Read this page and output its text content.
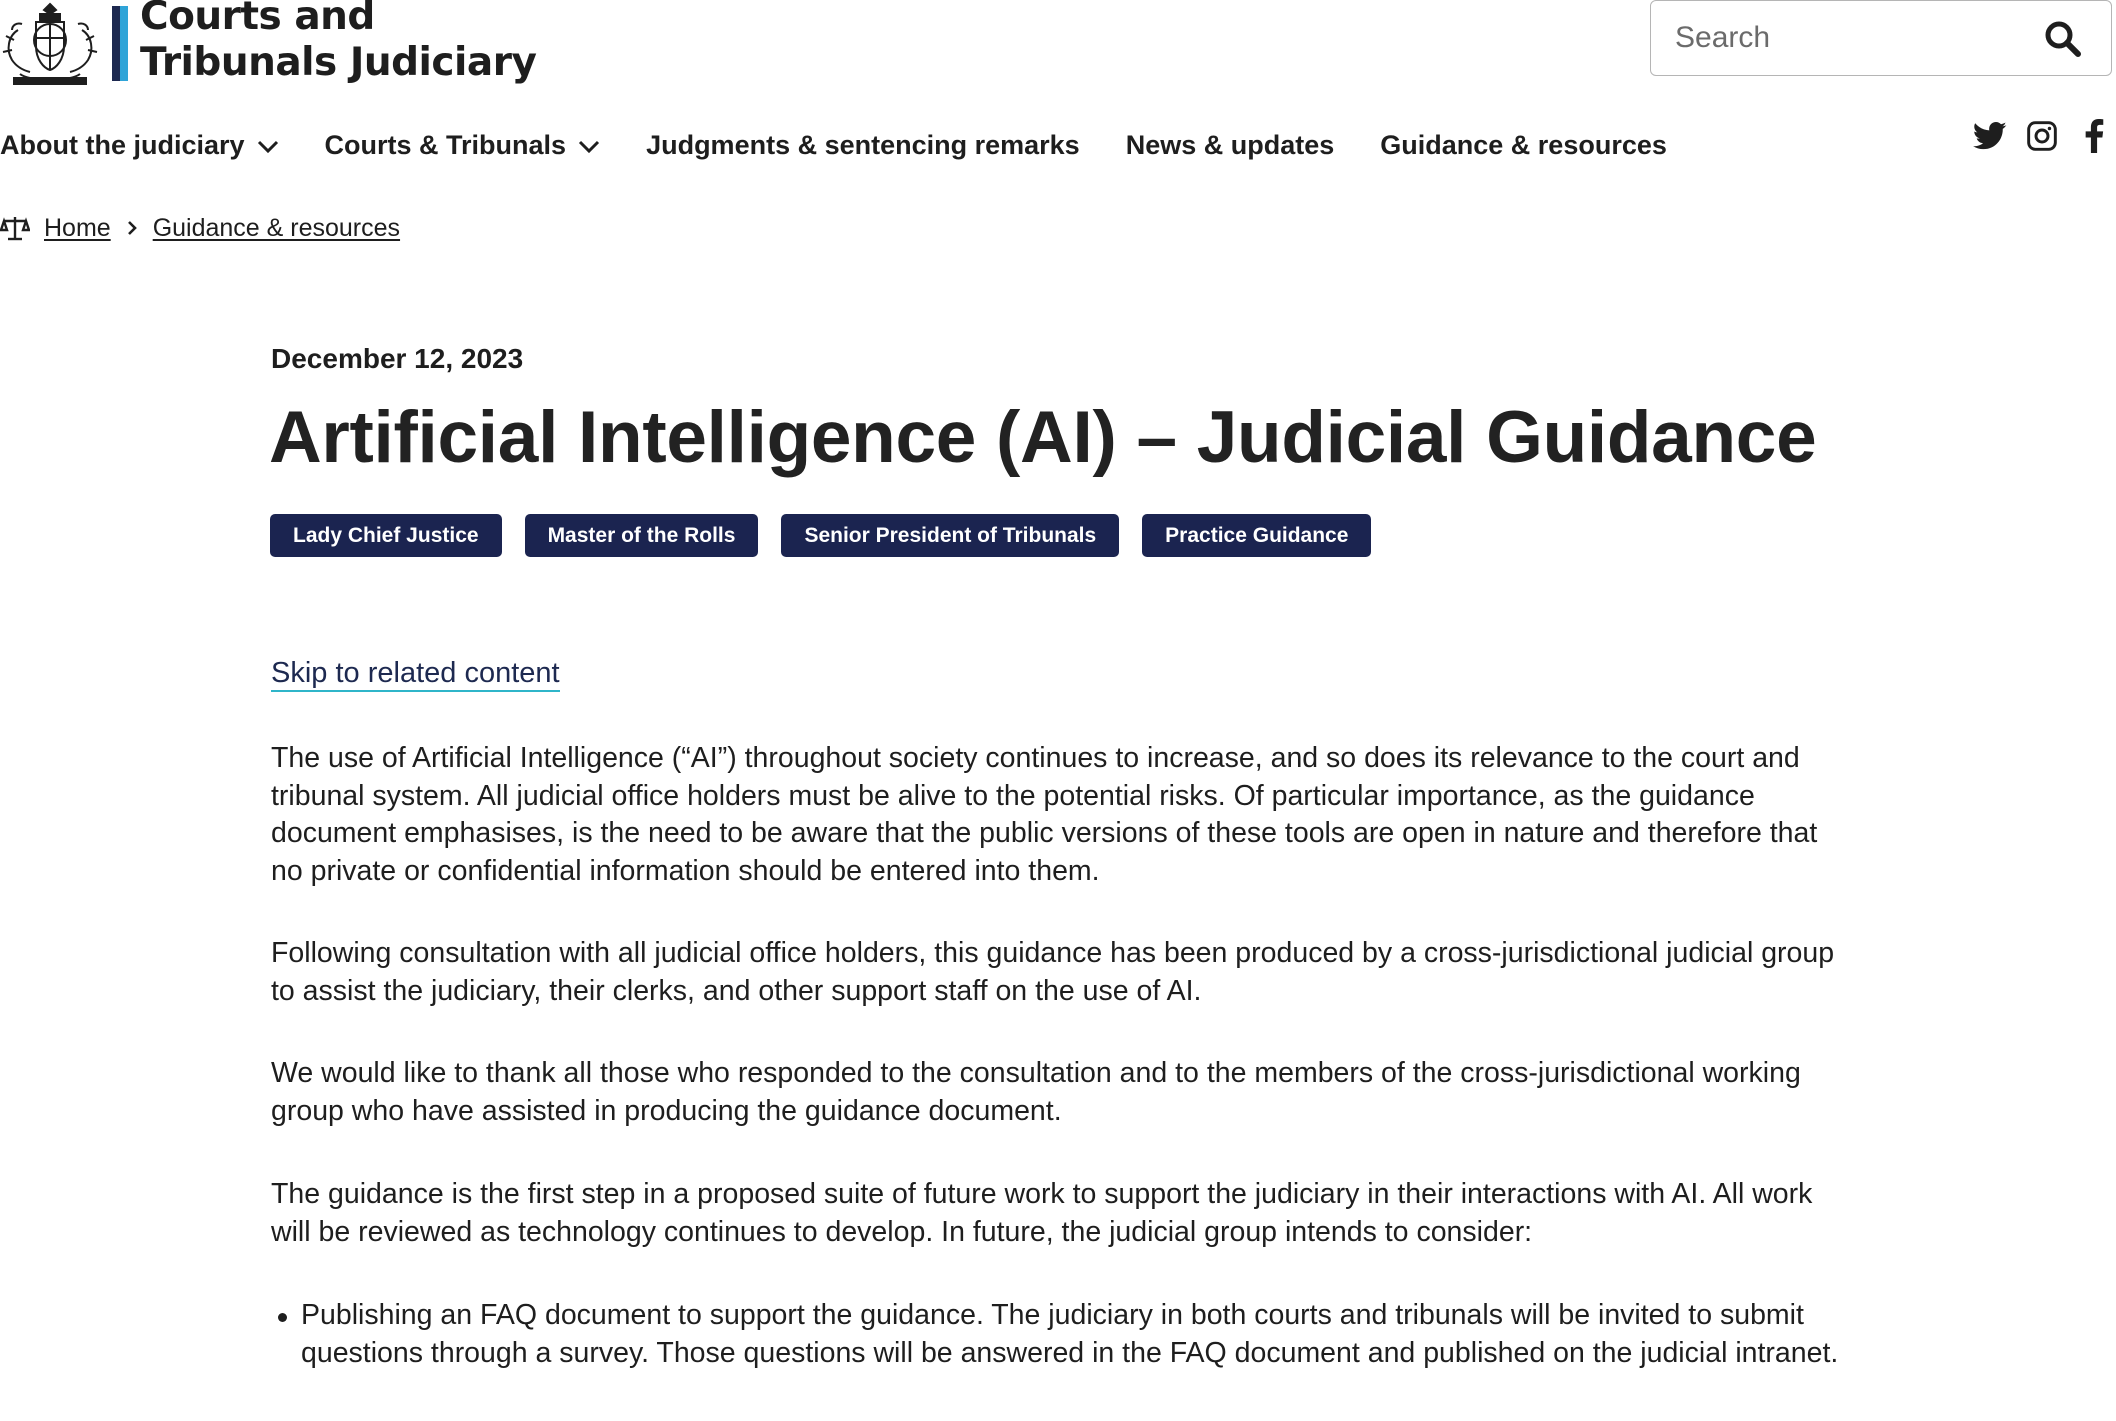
Courts and
Tribunals Judiciary
Search
About the judiciary	Courts & Tribunals	Judgments & sentencing remarks News & updates Guidance & resources
Home Guidance & resources
December 12, 2023
Artificial Intelligence (AI) – Judicial Guidance
Lady Chief Justice	Master of the Rolls	Senior President of Tribunals	Practice Guidance
Skip to related content

The use of Artificial Intelligence (“AI”) throughout society continues to increase, and so does its relevance to the court and tribunal system. All judicial office holders must be alive to the potential risks. Of particular importance, as the guidance document emphasises, is the need to be aware that the public versions of these tools are open in nature and therefore that no private or confidential information should be entered into them.

Following consultation with all judicial office holders, this guidance has been produced by a cross-jurisdictional judicial group to assist the judiciary, their clerks, and other support staff on the use of AI.

We would like to thank all those who responded to the consultation and to the members of the cross-jurisdictional working group who have assisted in producing the guidance document.

The guidance is the first step in a proposed suite of future work to support the judiciary in their interactions with AI. All work will be reviewed as technology continues to develop. In future, the judicial group intends to consider:

Publishing an FAQ document to support the guidance. The judiciary in both courts and tribunals will be invited to submit questions through a survey. Those questions will be answered in the FAQ document and published on the judicial intranet.
